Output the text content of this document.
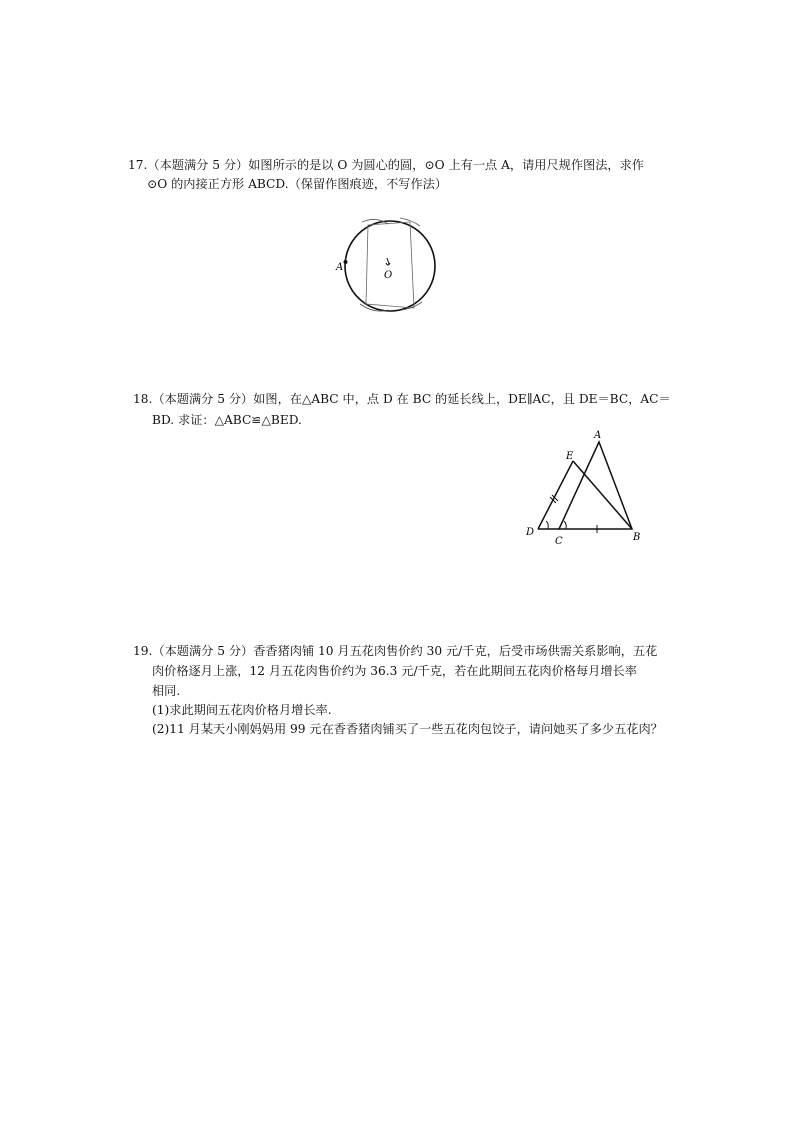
17.（本题满分 5 分）如图所示的是以 O 为圆心的圆，⊙O 上有一点 A，请用尺规作图法，求作
⊙O 的内接正方形 ABCD.（保留作图痕迹，不写作法）
A
O
18.（本题满分 5 分）如图，在△ABC 中，点 D 在 BC 的延长线上，DE∥AC，且 DE＝BC，AC＝
BD. 求证：△ABC≌△BED.
A
E
D
C	B
19.（本题满分 5 分）香香猪肉铺 10 月五花肉售价约 30 元/千克，后受市场供需关系影响，五花
肉价格逐月上涨，12 月五花肉售价约为 36.3 元/千克，若在此期间五花肉价格每月增长率
相同.
(1)求此期间五花肉价格月增长率.
(2)11 月某天小刚妈妈用 99 元在香香猪肉铺买了一些五花肉包饺子，请问她买了多少五花肉？
